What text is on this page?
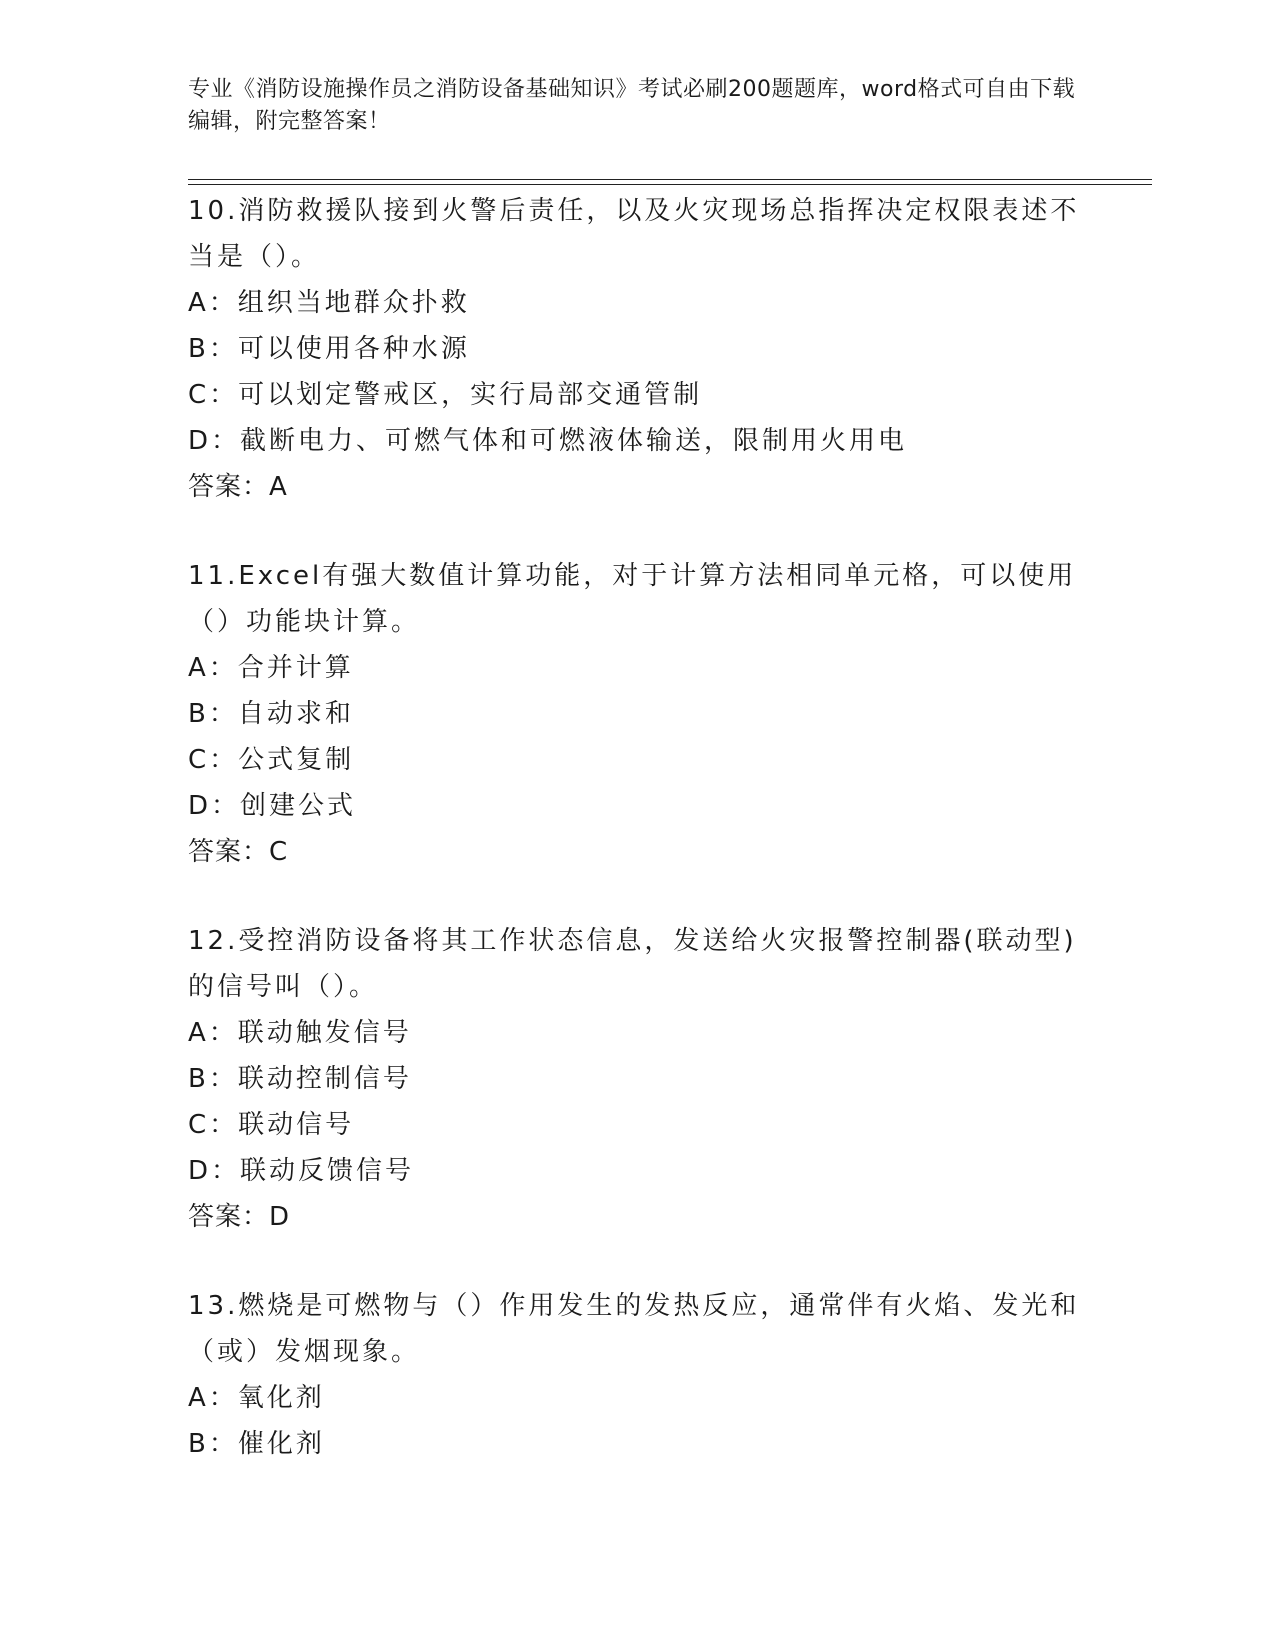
专业《消防设施操作员之消防设备基础知识》考试必刷200题题库，word格式可自由下载编辑，附完整答案！
10.消防救援队接到火警后责任，以及火灾现场总指挥决定权限表述不当是（）。
A：组织当地群众扑救
B：可以使用各种水源
C：可以划定警戒区，实行局部交通管制
D：截断电力、可燃气体和可燃液体输送，限制用火用电
答案：A
11.Excel有强大数值计算功能，对于计算方法相同单元格，可以使用（）功能块计算。
A：合并计算
B：自动求和
C：公式复制
D：创建公式
答案：C
12.受控消防设备将其工作状态信息，发送给火灾报警控制器(联动型)的信号叫（）。
A：联动触发信号
B：联动控制信号
C：联动信号
D：联动反馈信号
答案：D
13.燃烧是可燃物与（）作用发生的发热反应，通常伴有火焰、发光和（或）发烟现象。
A：氧化剂
B：催化剂
